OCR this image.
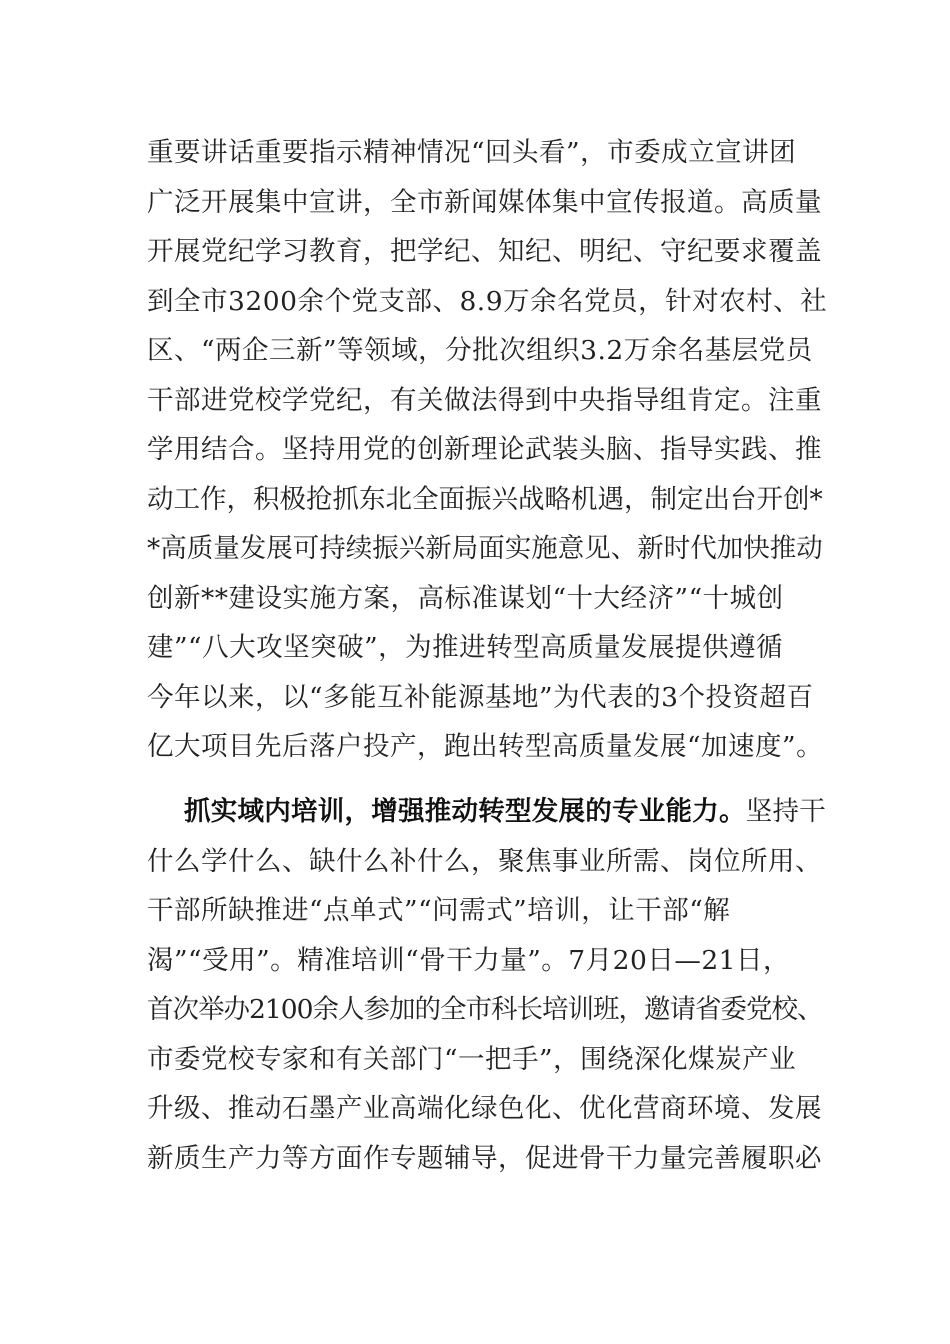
重要讲话重要指示精神情况“回头看”，市委成立宣讲团
广泛开展集中宣讲，全市新闻媒体集中宣传报道。高质量
开展党纪学习教育，把学纪、知纪、明纪、守纪要求覆盖
到全市3200余个党支部、8.9万余名党员，针对农村、社
区、“两企三新”等领域，分批次组织3.2万余名基层党员
干部进党校学党纪，有关做法得到中央指导组肯定。注重
学用结合。坚持用党的创新理论武装头脑、指导实践、推
动工作，积极抢抓东北全面振兴战略机遇，制定出台开创*
*高质量发展可持续振兴新局面实施意见、新时代加快推动
创新**建设实施方案，高标准谋划“十大经济”“十城创
建”“八大攻坚突破”，为推进转型高质量发展提供遵循
今年以来，以“多能互补能源基地”为代表的3个投资超百
亿大项目先后落户投产，跑出转型高质量发展“加速度”。
抓实域内培训，增强推动转型发展的专业能力。坚持干
什么学什么、缺什么补什么，聚焦事业所需、岗位所用、
干部所缺推进“点单式”“问需式”培训，让干部“解
渴”“受用”。精准培训“骨干力量”。7月20日—21日，
首次举办2100余人参加的全市科长培训班，邀请省委党校、
市委党校专家和有关部门“一把手”，围绕深化煤炭产业
升级、推动石墨产业高端化绿色化、优化营商环境、发展
新质生产力等方面作专题辅导，促进骨干力量完善履职必
